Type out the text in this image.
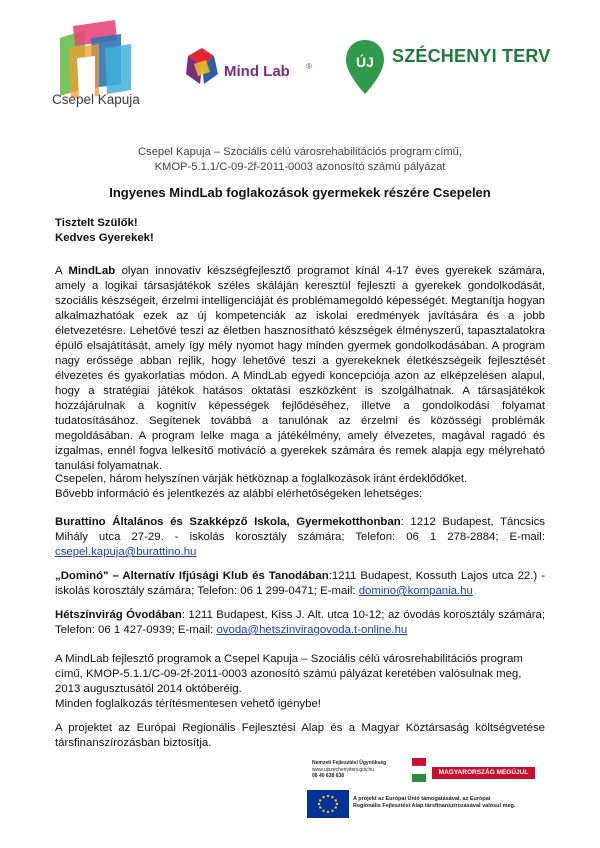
Csepel Kapuja
Mind Lab ®	ÚJ SZÉCHENYI TERV
Csepel Kapuja – Szociális célú városrehabilitációs program című,
KMOP-5.1.1/C-09-2f-2011-0003 azonosító számú pályázat
Ingyenes MindLab foglakozások gyermekek részére Csepelen
Tisztelt Szülők!
Kedves Gyerekek!
A MindLab olyan innovatív készségfejlesztő programot kínál 4-17 éves gyerekek számára, amely a logikai társasjátékok széles skáláján keresztül fejleszti a gyerekek gondolkodását, szociális készségeit, érzelmi intelligenciáját és problémamegoldó képességét. Megtanítja hogyan alkalmazhatóak ezek az új kompetenciák az iskolai eredmények javítására és a jobb életvezetésre. Lehetővé teszi az életben hasznosítható készségek élményszerű, tapasztalatokra épülő elsajátítását, amely így mély nyomot hagy minden gyermek gondolkodásában. A program nagy erőssége abban rejlik, hogy lehetővé teszi a gyerekeknek életkészségeik fejlesztését élvezetes és gyakorlatias módon. A MindLab egyedi koncepciója azon az elképzelésen alapul, hogy a stratégiai játékok hatásos oktatási eszközként is szolgálhatnak. A társasjátékok hozzájárulnak a kognitív képességek fejlődéséhez, illetve a gondolkodási folyamat tudatosításához. Segítenek továbbá a tanulónak az érzelmi és közösségi problémák megoldásában. A program lelke maga a játékélmény, amely élvezetes, magával ragadó és izgalmas, ennél fogva lelkesítő motiváció a gyerekek számára és remek alapja egy mélyreható tanulási folyamatnak.
Csepelen, három helyszínen várják hétköznap a foglalkozások iránt érdeklődőket.
Bővebb információ és jelentkezés az alábbi elérhetőségeken lehetséges:
Burattino Általános és Szakképző Iskola, Gyermekotthonban: 1212 Budapest, Táncsics Mihály utca 27-29. - iskolás korosztály számára; Telefon: 06 1 278-2884; E-mail: csepel.kapuja@burattino.hu
„Dominó" – Alternatív Ifjúsági Klub és Tanodában:1211 Budapest, Kossuth Lajos utca 22.) - iskolás korosztály számára; Telefon: 06 1 299-0471; E-mail: domino@kompania.hu
Hétszínvirág Óvodában: 1211 Budapest, Kiss J. Alt. utca 10-12; az óvodás korosztály számára; Telefon: 06 1 427-0939; E-mail: ovoda@hetszinviragovoda.t-online.hu
A MindLab fejlesztő programok a Csepel Kapuja – Szociális célú városrehabilitációs program című, KMOP-5.1.1/C-09-2f-2011-0003 azonosító számú pályázat keretében valósulnak meg, 2013 augusztusától 2014 októberéig.
Minden foglalkozás térítésmentesen vehető igénybe!
A projektet az Európai Regionális Fejlesztési Alap és a Magyar Köztársaság költségvetése társfinanszírozásban biztosítja.
Nemzeti Fejlesztési Ügynökség
www.ujszechenyiterv.gov.hu
06 40 638 638	MAGYARORSZÁG MEGÚJUL
A projekt az Európai Unió támogatásával, az Európai
Regionális Fejlesztési Alap társfinanszírozásával valósul meg.
